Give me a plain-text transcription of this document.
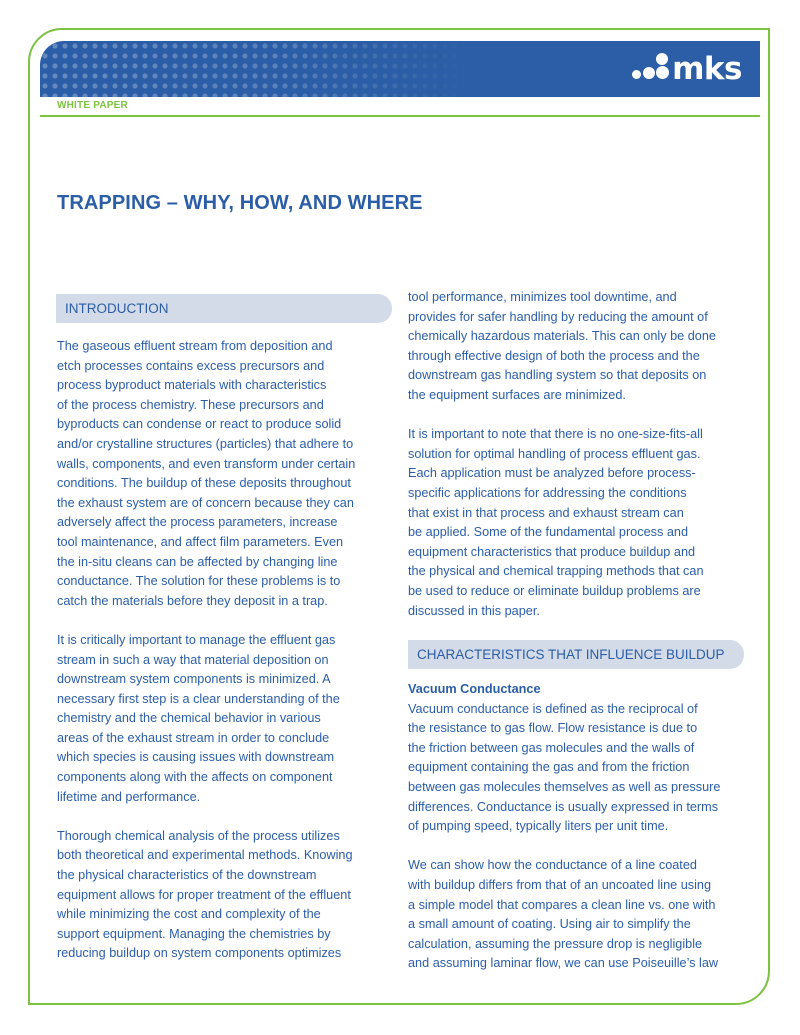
mks
WHITE PAPER
TRAPPING – WHY, HOW, AND WHERE
INTRODUCTION

The gaseous effluent stream from deposition and

etch processes contains excess precursors and

process byproduct materials with characteristics

of the process chemistry. These precursors and

byproducts can condense or react to produce solid

and/or crystalline structures (particles) that adhere to

walls, components, and even transform under certain

conditions. The buildup of these deposits throughout

the exhaust system are of concern because they can

adversely affect the process parameters, increase

tool maintenance, and affect film parameters. Even

the in-situ cleans can be affected by changing line

conductance. The solution for these problems is to

catch the materials before they deposit in a trap.

It is critically important to manage the effluent gas

stream in such a way that material deposition on

downstream system components is minimized. A

necessary first step is a clear understanding of the

chemistry and the chemical behavior in various

areas of the exhaust stream in order to conclude

which species is causing issues with downstream

components along with the affects on component

lifetime and performance.

Thorough chemical analysis of the process utilizes

both theoretical and experimental methods. Knowing

the physical characteristics of the downstream

equipment allows for proper treatment of the effluent

while minimizing the cost and complexity of the

support equipment. Managing the chemistries by

reducing buildup on system components optimizes

tool performance, minimizes tool downtime, and

provides for safer handling by reducing the amount of

chemically hazardous materials. This can only be done

through effective design of both the process and the

downstream gas handling system so that deposits on

the equipment surfaces are minimized.

It is important to note that there is no one-size-fits-all

solution for optimal handling of process effluent gas.

Each application must be analyzed before process-

specific applications for addressing the conditions

that exist in that process and exhaust stream can

be applied. Some of the fundamental process and

equipment characteristics that produce buildup and

the physical and chemical trapping methods that can

be used to reduce or eliminate buildup problems are

discussed in this paper.

CHARACTERISTICS THAT INFLUENCE BUILDUP

Vacuum Conductance

Vacuum conductance is defined as the reciprocal of

the resistance to gas flow. Flow resistance is due to

the friction between gas molecules and the walls of

equipment containing the gas and from the friction

between gas molecules themselves as well as pressure

differences. Conductance is usually expressed in terms

of pumping speed, typically liters per unit time.

We can show how the conductance of a line coated

with buildup differs from that of an uncoated line using

a simple model that compares a clean line vs. one with

a small amount of coating. Using air to simplify the

calculation, assuming the pressure drop is negligible

and assuming laminar flow, we can use Poiseuille’s law
